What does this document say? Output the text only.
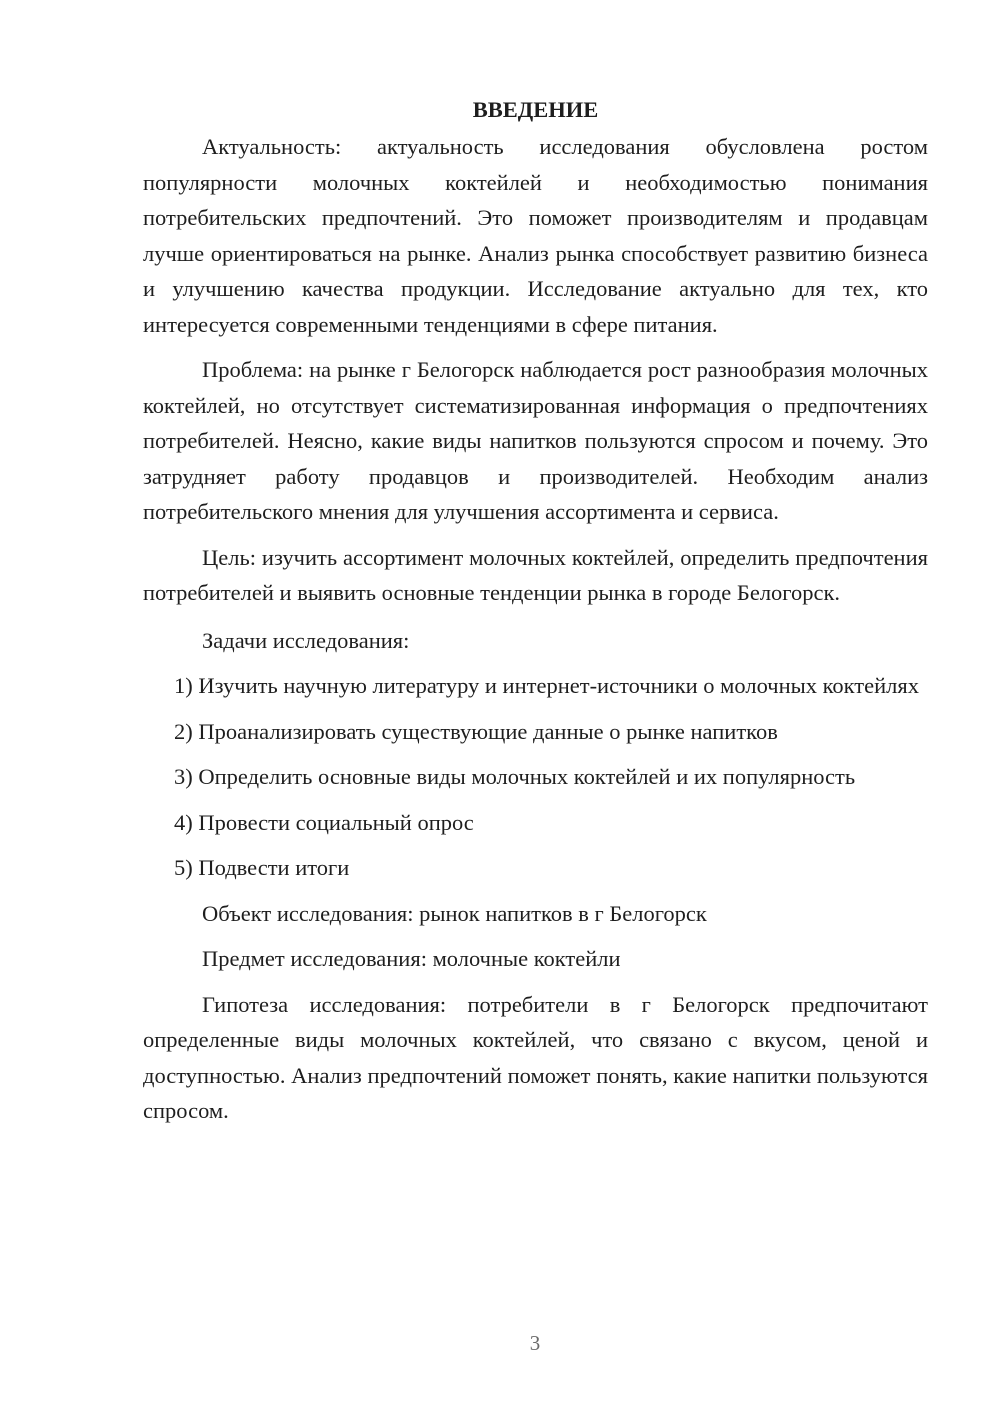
ВВЕДЕНИЕ

Актуальность: актуальность исследования обусловлена ростом популярности молочных коктейлей и необходимостью понимания потребительских предпочтений. Это поможет производителям и продавцам лучше ориентироваться на рынке. Анализ рынка способствует развитию бизнеса и улучшению качества продукции. Исследование актуально для тех, кто интересуется современными тенденциями в сфере питания.

Проблема: на рынке г Белогорск наблюдается рост разнообразия молочных коктейлей, но отсутствует систематизированная информация о предпочтениях потребителей. Неясно, какие виды напитков пользуются спросом и почему. Это затрудняет работу продавцов и производителей. Необходим анализ потребительского мнения для улучшения ассортимента и сервиса.

Цель: изучить ассортимент молочных коктейлей, определить предпочтения потребителей и выявить основные тенденции рынка в городе Белогорск.

Задачи исследования:

1) Изучить научную литературу и интернет-источники о молочных коктейлях

2) Проанализировать существующие данные о рынке напитков

3) Определить основные виды молочных коктейлей и их популярность

4) Провести социальный опрос

5) Подвести итоги

Объект исследования: рынок напитков в г Белогорск

Предмет исследования: молочные коктейли

Гипотеза исследования: потребители в г Белогорск предпочитают определенные виды молочных коктейлей, что связано с вкусом, ценой и доступностью. Анализ предпочтений поможет понять, какие напитки пользуются спросом.

3
